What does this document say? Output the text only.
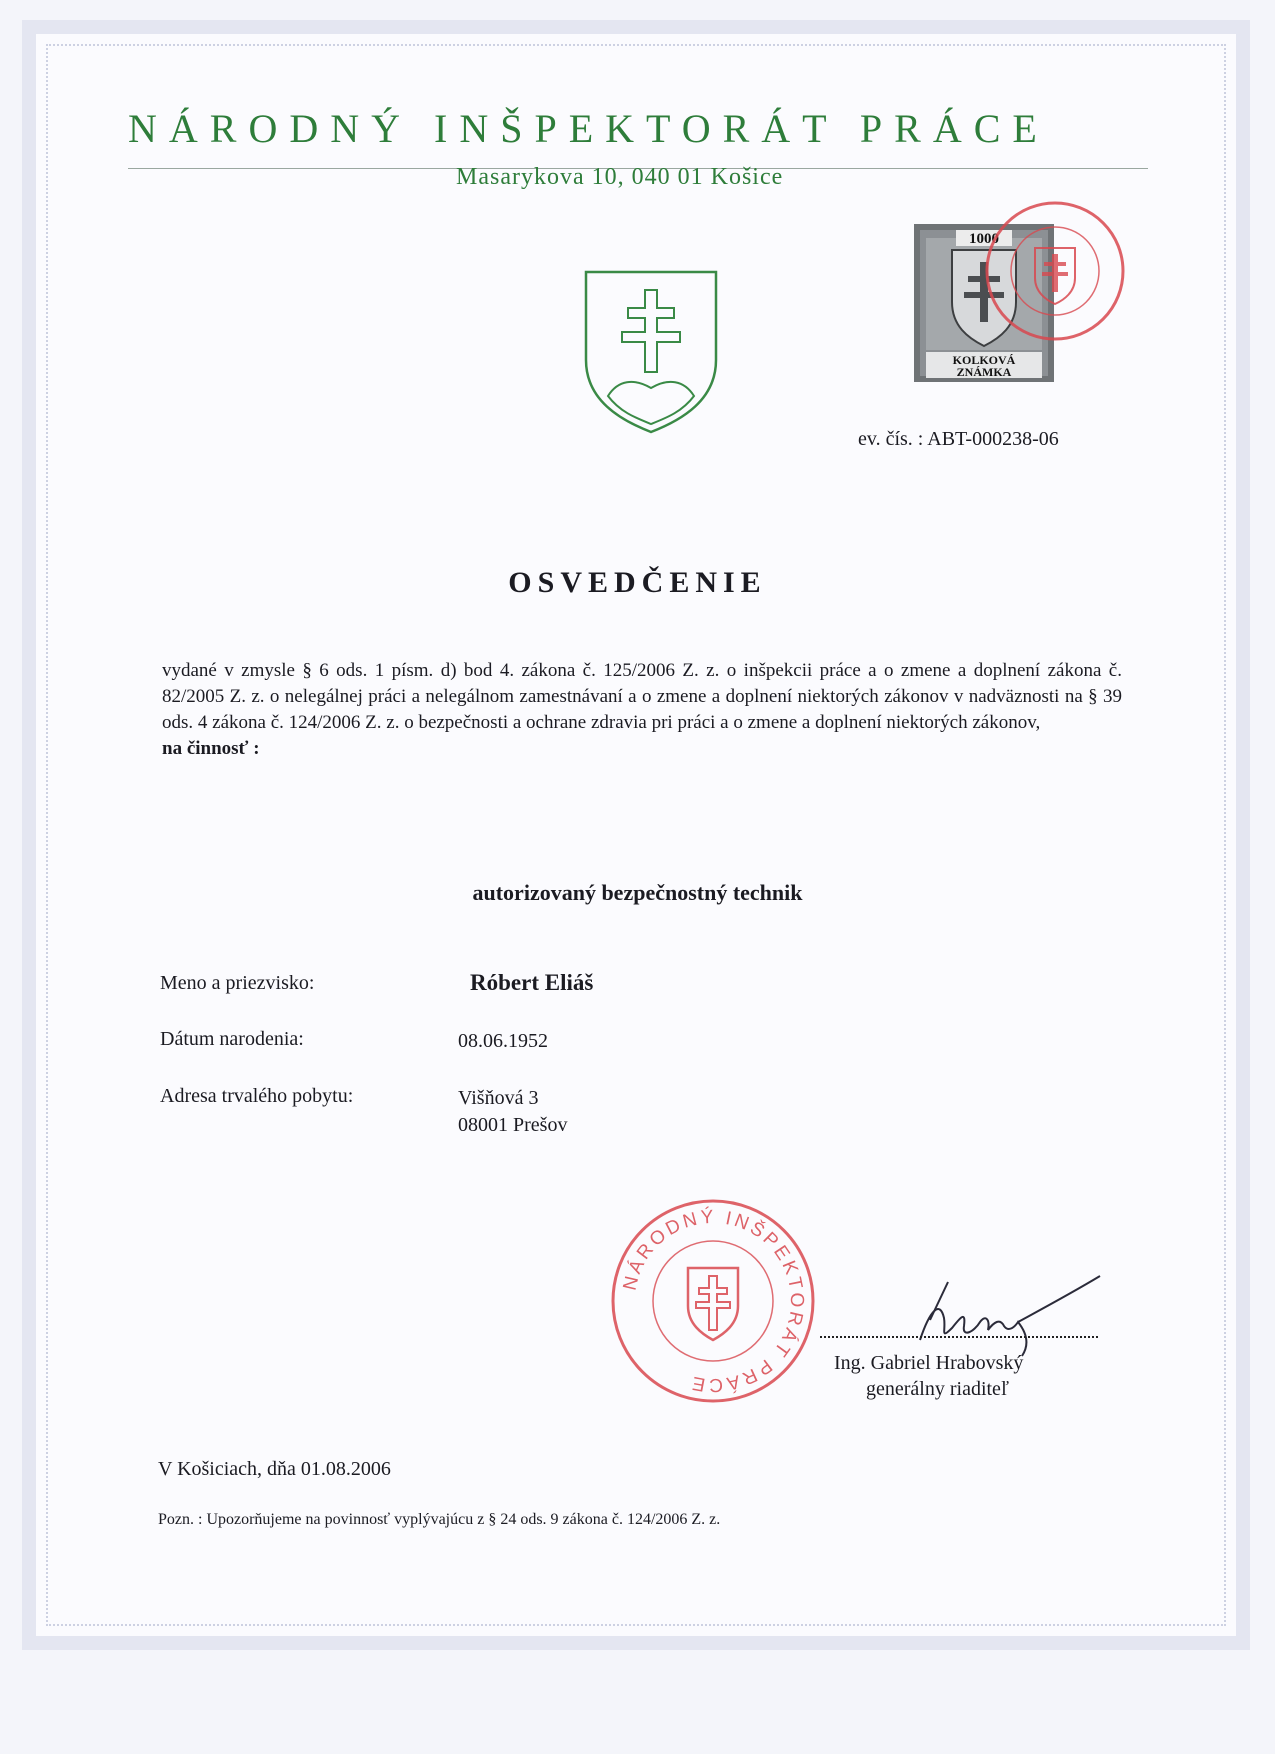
NÁRODNÝ INŠPEKTORÁT PRÁCE
Masarykova 10, 040 01 Košice
1000
KOLKOVÁ
ZNÁMKA
ev. čís. : ABT-000238-06
OSVEDČENIE
vydané v zmysle § 6 ods. 1 písm. d) bod 4. zákona č. 125/2006 Z. z. o inšpekcii práce a o zmene a doplnení zákona č. 82/2005 Z. z. o nelegálnej práci a nelegálnom zamestnávaní a o zmene a doplnení niektorých zákonov v nadväznosti na § 39 ods. 4 zákona č. 124/2006 Z. z. o bezpečnosti a ochrane zdravia pri práci a o zmene a doplnení niektorých zákonov,
na činnosť :
autorizovaný bezpečnostný technik
Meno a priezvisko:	Róbert Eliáš
Dátum narodenia:	08.06.1952
Adresa trvalého pobytu:	Višňová 3
08001 Prešov
NÁRODNÝ INŠPEKTORÁT PRÁCE
Ing. Gabriel Hrabovský
generálny riaditeľ
V Košiciach, dňa 01.08.2006
Pozn. : Upozorňujeme na povinnosť vyplývajúcu z § 24 ods. 9 zákona č. 124/2006 Z. z.
